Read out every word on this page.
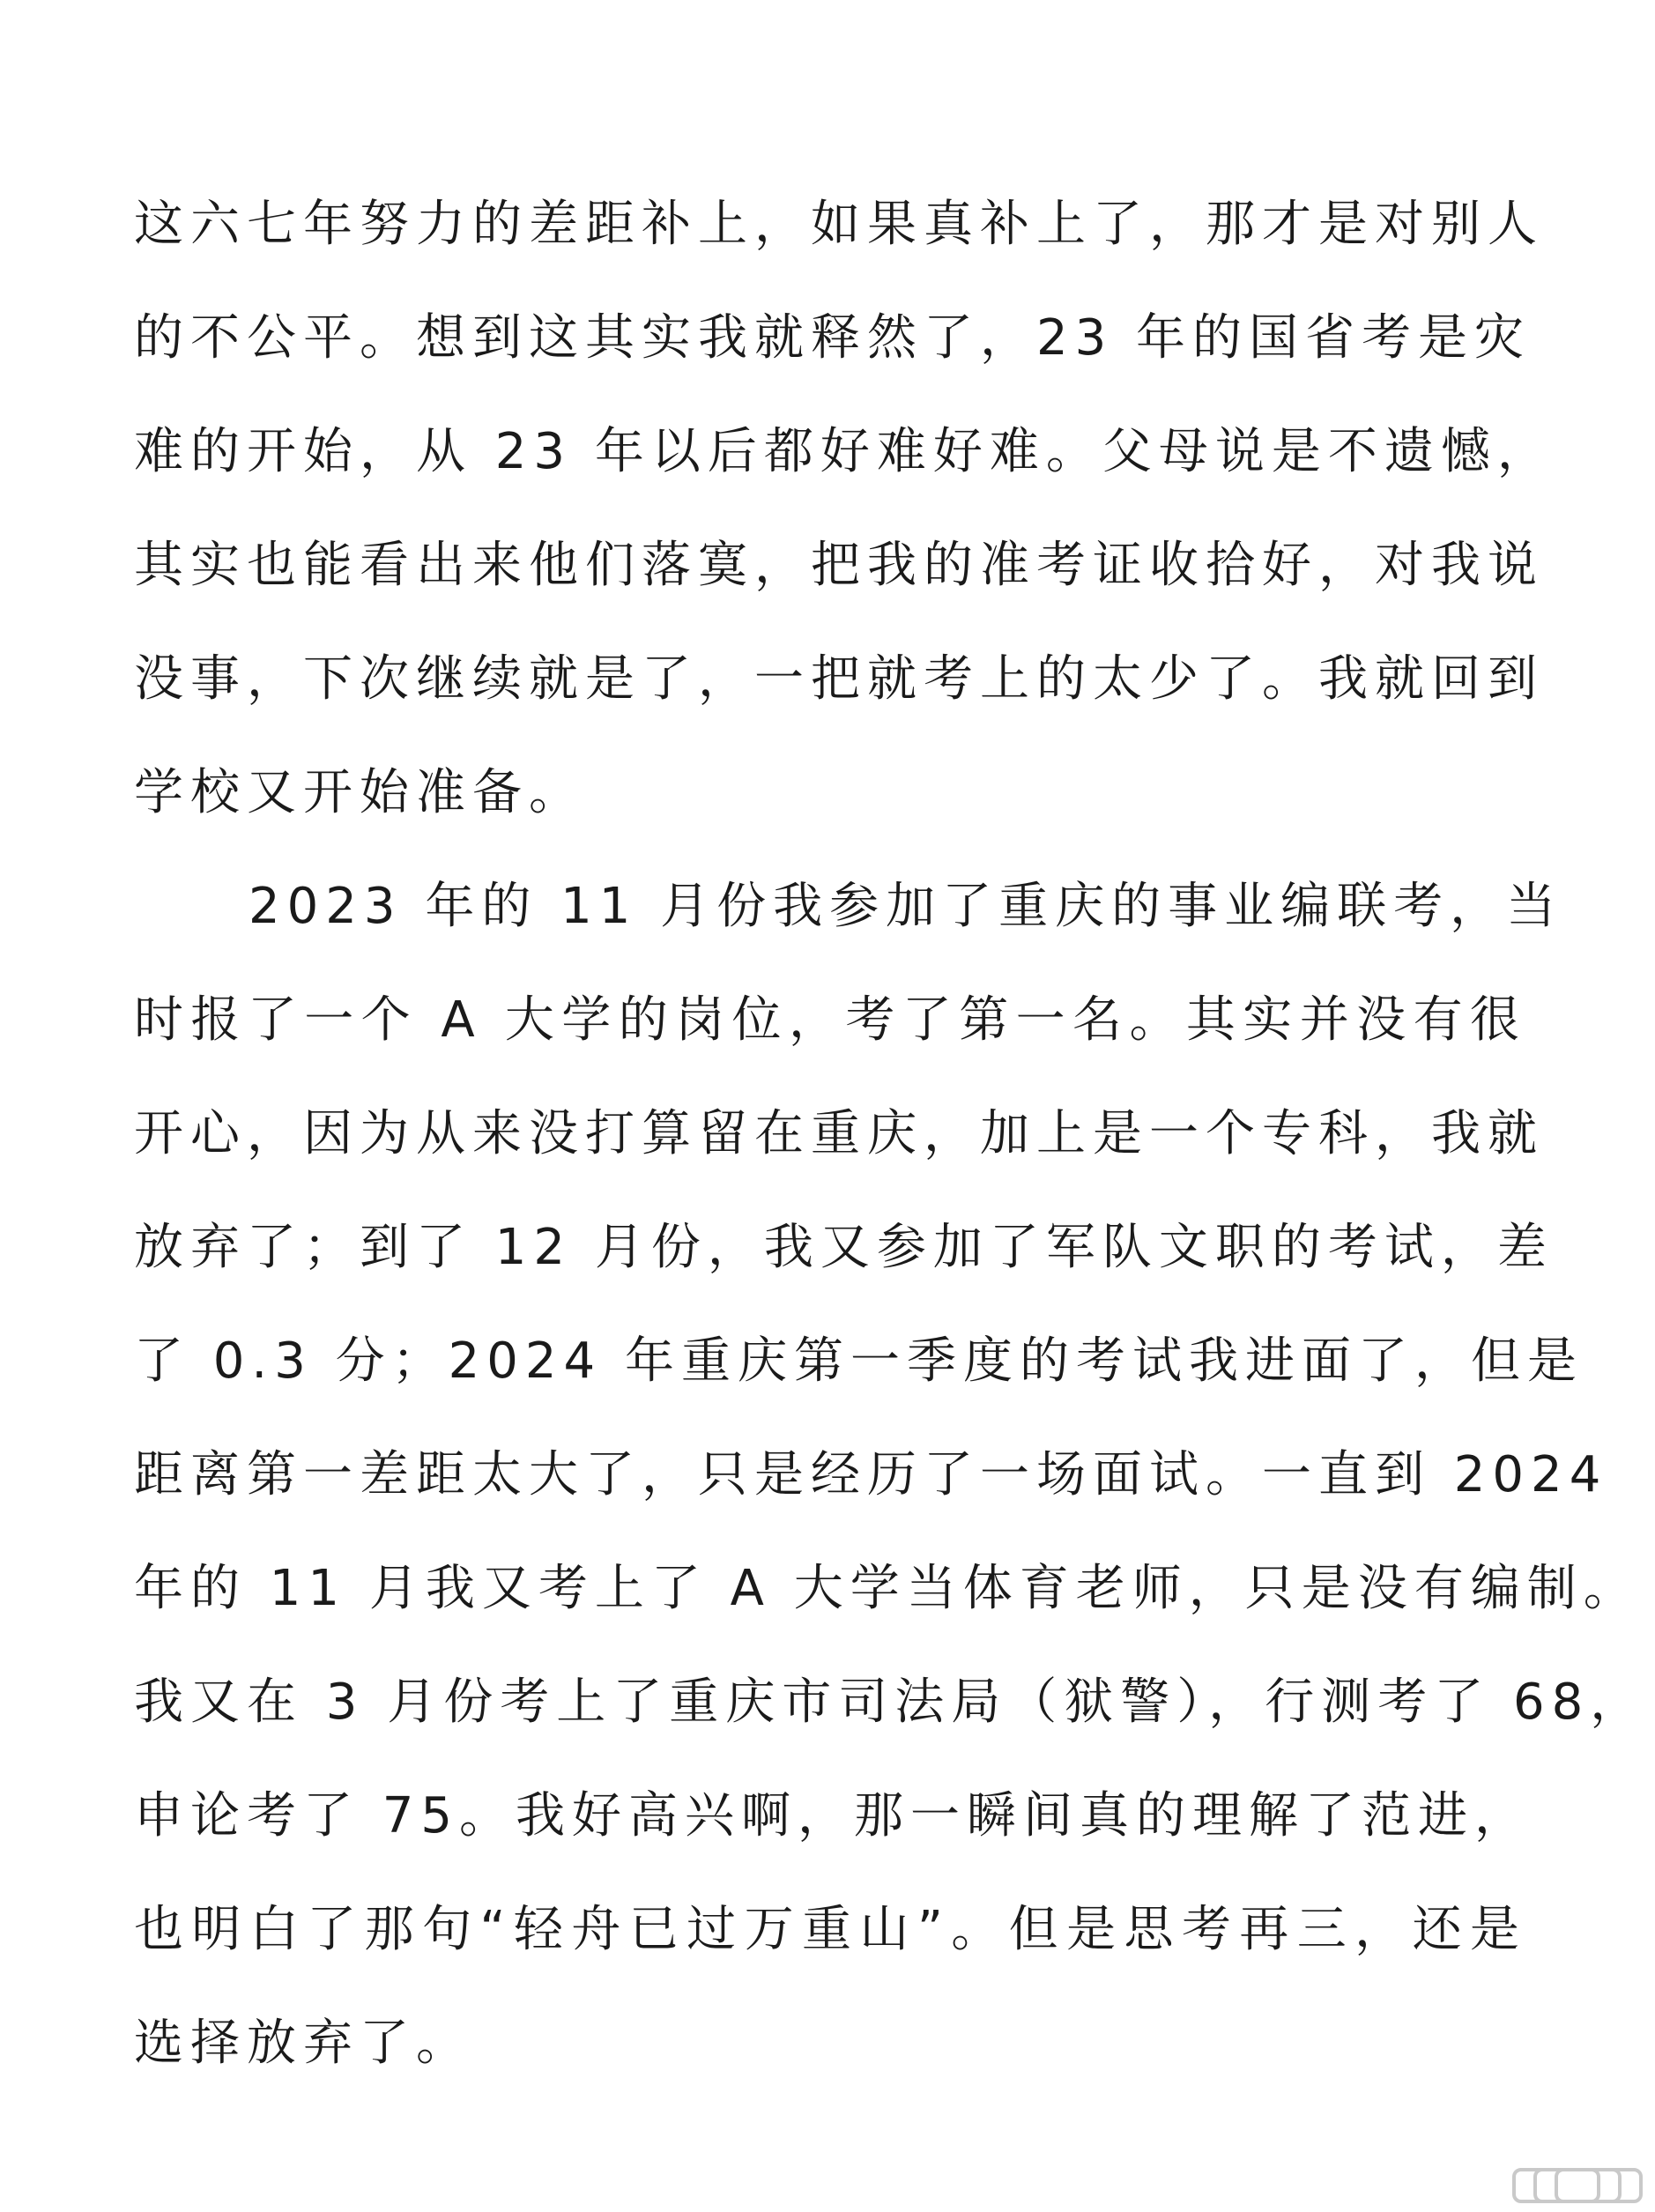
这六七年努力的差距补上，如果真补上了，那才是对别人
的不公平。想到这其实我就释然了，23 年的国省考是灾
难的开始，从 23 年以后都好难好难。父母说是不遗憾，
其实也能看出来他们落寞，把我的准考证收拾好，对我说
没事，下次继续就是了，一把就考上的太少了。我就回到
学校又开始准备。
2023 年的 11 月份我参加了重庆的事业编联考，当
时报了一个 A 大学的岗位，考了第一名。其实并没有很
开心，因为从来没打算留在重庆，加上是一个专科，我就
放弃了；到了 12 月份，我又参加了军队文职的考试，差
了 0.3 分；2024 年重庆第一季度的考试我进面了，但是
距离第一差距太大了，只是经历了一场面试。一直到 2024
年的 11 月我又考上了 A 大学当体育老师，只是没有编制。
我又在 3 月份考上了重庆市司法局（狱警），行测考了 68，
申论考了 75。我好高兴啊，那一瞬间真的理解了范进，
也明白了那句“轻舟已过万重山”。但是思考再三，还是
选择放弃了。
